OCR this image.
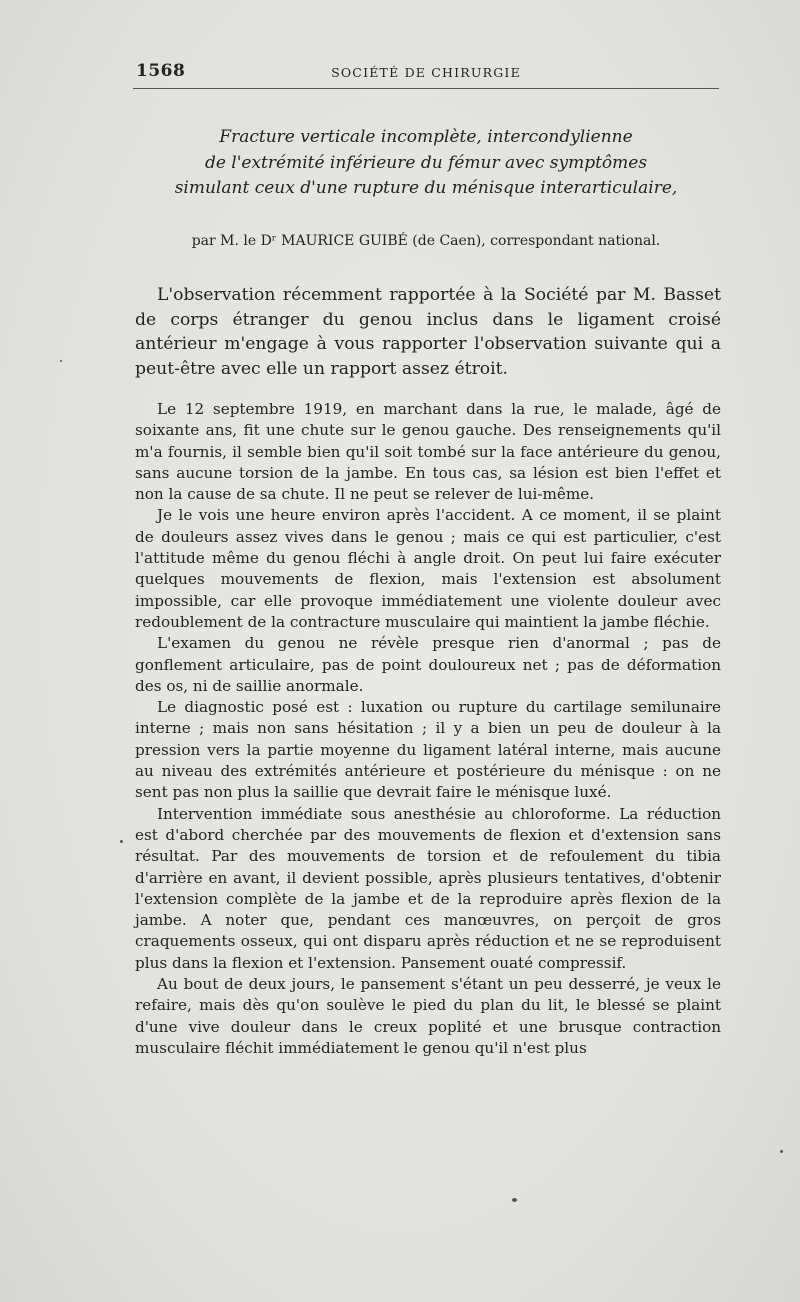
1568	SOCIÉTÉ DE CHIRURGIE
Fracture verticale incomplète, intercondylienne
de l'extrémité inférieure du fémur avec symptômes
simulant ceux d'une rupture du ménisque interarticulaire,
par M. le Dʳ MAURICE GUIBÉ (de Caen), correspondant national.

L'observation récemment rapportée à la Société par M. Basset de corps étranger du genou inclus dans le ligament croisé antérieur m'engage à vous rapporter l'observation suivante qui a peut-être avec elle un rapport assez étroit.

Le 12 septembre 1919, en marchant dans la rue, le malade, âgé de soixante ans, fit une chute sur le genou gauche. Des renseignements qu'il m'a fournis, il semble bien qu'il soit tombé sur la face antérieure du genou, sans aucune torsion de la jambe. En tous cas, sa lésion est bien l'effet et non la cause de sa chute. Il ne peut se relever de lui-même.

Je le vois une heure environ après l'accident. A ce moment, il se plaint de douleurs assez vives dans le genou ; mais ce qui est particulier, c'est l'attitude même du genou fléchi à angle droit. On peut lui faire exécuter quelques mouvements de flexion, mais l'extension est absolument impossible, car elle provoque immédiatement une violente douleur avec redoublement de la contracture musculaire qui maintient la jambe fléchie.

L'examen du genou ne révèle presque rien d'anormal ; pas de gonflement articulaire, pas de point douloureux net ; pas de déformation des os, ni de saillie anormale.

Le diagnostic posé est : luxation ou rupture du cartilage semilunaire interne ; mais non sans hésitation ; il y a bien un peu de douleur à la pression vers la partie moyenne du ligament latéral interne, mais aucune au niveau des extrémités antérieure et postérieure du ménisque : on ne sent pas non plus la saillie que devrait faire le ménisque luxé.

Intervention immédiate sous anesthésie au chloroforme. La réduction est d'abord cherchée par des mouvements de flexion et d'extension sans résultat. Par des mouvements de torsion et de refoulement du tibia d'arrière en avant, il devient possible, après plusieurs tentatives, d'obtenir l'extension complète de la jambe et de la reproduire après flexion de la jambe. A noter que, pendant ces manœuvres, on perçoit de gros craquements osseux, qui ont disparu après réduction et ne se reproduisent plus dans la flexion et l'extension. Pansement ouaté compressif.

Au bout de deux jours, le pansement s'étant un peu desserré, je veux le refaire, mais dès qu'on soulève le pied du plan du lit, le blessé se plaint d'une vive douleur dans le creux poplité et une brusque contraction musculaire fléchit immédiatement le genou qu'il n'est plus
